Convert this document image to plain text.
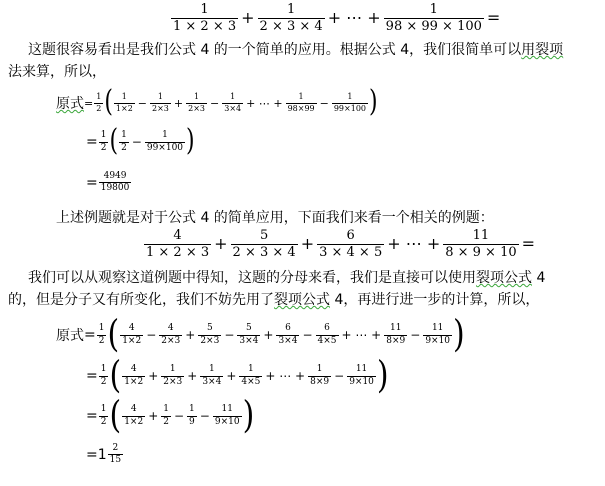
$\frac{1}{1 \times 2 \times 3} + \frac{1}{2 \times 3 \times 4}$ + ⋯ + $\frac{1}{98 \times 99 \times 100}$ =
这题很容易看出是我们公式 4 的一个简单的应用。根据公式 4，我们很简单可以用裂项
法来算，所以，
原式 = $\frac{1}{2}$ ( $\frac{1}{1\times 2} - \frac{1}{2\times 3} + \frac{1}{2\times 3} - \frac{1}{3\times 4}$ + ⋯ + $\frac{1}{98\times 99} - \frac{1}{99\times 100}$ )
= $\frac{1}{2}$ ( $\frac{1}{2} - \frac{1}{99\times 100}$ )
= $\frac{4949}{19800}$
上述例题就是对于公式 4 的简单应用，下面我们来看一个相关的例题：
$\frac{4}{1 \times 2 \times 3} + \frac{5}{2 \times 3 \times 4} + \frac{6}{3 \times 4 \times 5}$ + ⋯ + $\frac{11}{8 \times 9 \times 10}$ =
我们可以从观察这道例题中得知，这题的分母来看，我们是直接可以使用裂项公式 4
的，但是分子又有所变化，我们不妨先用了裂项公式 4，再进行进一步的计算，所以，
原式 = $\frac{1}{2}$ ( $\frac{4}{1\times 2} - \frac{4}{2\times 3} + \frac{5}{2\times 3} - \frac{5}{3\times 4} + \frac{6}{3\times 4} - \frac{6}{4\times 5}$ + ⋯ + $\frac{11}{8\times 9} - \frac{11}{9\times 10}$ )
= $\frac{1}{2}$ ( $\frac{4}{1\times 2} + \frac{1}{2\times 3} + \frac{1}{3\times 4} + \frac{1}{4\times 5}$ + ⋯ + $\frac{1}{8\times 9} - \frac{11}{9\times 10}$ )
= $\frac{1}{2}$ ( $\frac{4}{1\times 2} + \frac{1}{2} - \frac{1}{9} - \frac{11}{9\times 10}$ )
= $1 \frac{2}{15}$
